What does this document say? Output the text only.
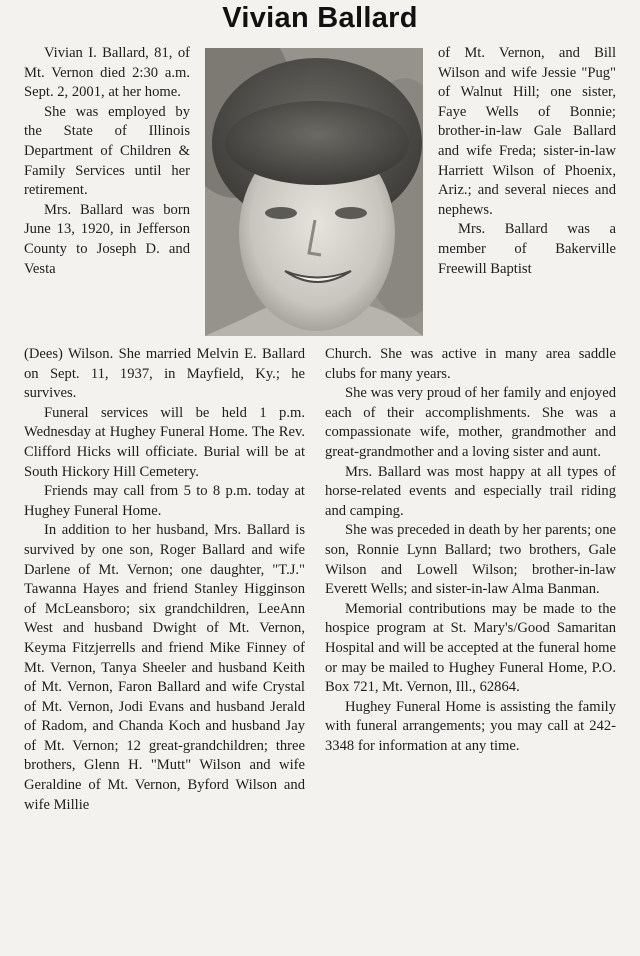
Vivian Ballard

Vivian I. Ballard, 81, of Mt. Vernon died 2:30 a.m. Sept. 2, 2001, at her home.

She was employed by the State of Illinois Department of Children & Family Services until her retirement.

Mrs. Ballard was born June 13, 1920, in Jefferson County to Joseph D. and Vesta

(Dees) Wilson. She married Melvin E. Ballard on Sept. 11, 1937, in Mayfield, Ky.; he survives.

Funeral services will be held 1 p.m. Wednesday at Hughey Funeral Home. The Rev. Clifford Hicks will officiate. Burial will be at South Hickory Hill Cemetery.

Friends may call from 5 to 8 p.m. today at Hughey Funeral Home.

In addition to her husband, Mrs. Ballard is survived by one son, Roger Ballard and wife Darlene of Mt. Vernon; one daughter, "T.J." Tawanna Hayes and friend Stanley Higginson of McLeansboro; six grandchildren, LeeAnn West and husband Dwight of Mt. Vernon, Keyma Fitzjerrells and friend Mike Finney of Mt. Vernon, Tanya Sheeler and husband Keith of Mt. Vernon, Faron Ballard and wife Crystal of Mt. Vernon, Jodi Evans and husband Jerald of Radom, and Chanda Koch and husband Jay of Mt. Vernon; 12 great-grandchildren; three brothers, Glenn H. "Mutt" Wilson and wife Geraldine of Mt. Vernon, Byford Wilson and wife Millie

of Mt. Vernon, and Bill Wilson and wife Jessie "Pug" of Walnut Hill; one sister, Faye Wells of Bonnie; brother-in-law Gale Ballard and wife Freda; sister-in-law Harriett Wilson of Phoenix, Ariz.; and several nieces and nephews.

Mrs. Ballard was a member of Bakerville Freewill Baptist

Church. She was active in many area saddle clubs for many years.

She was very proud of her family and enjoyed each of their accomplishments. She was a compassionate wife, mother, grandmother and great-grandmother and a loving sister and aunt.

Mrs. Ballard was most happy at all types of horse-related events and especially trail riding and camping.

She was preceded in death by her parents; one son, Ronnie Lynn Ballard; two brothers, Gale Wilson and Lowell Wilson; brother-in-law Everett Wells; and sister-in-law Alma Banman.

Memorial contributions may be made to the hospice program at St. Mary's/Good Samaritan Hospital and will be accepted at the funeral home or may be mailed to Hughey Funeral Home, P.O. Box 721, Mt. Vernon, Ill., 62864.

Hughey Funeral Home is assisting the family with funeral arrangements; you may call at 242-3348 for information at any time.
